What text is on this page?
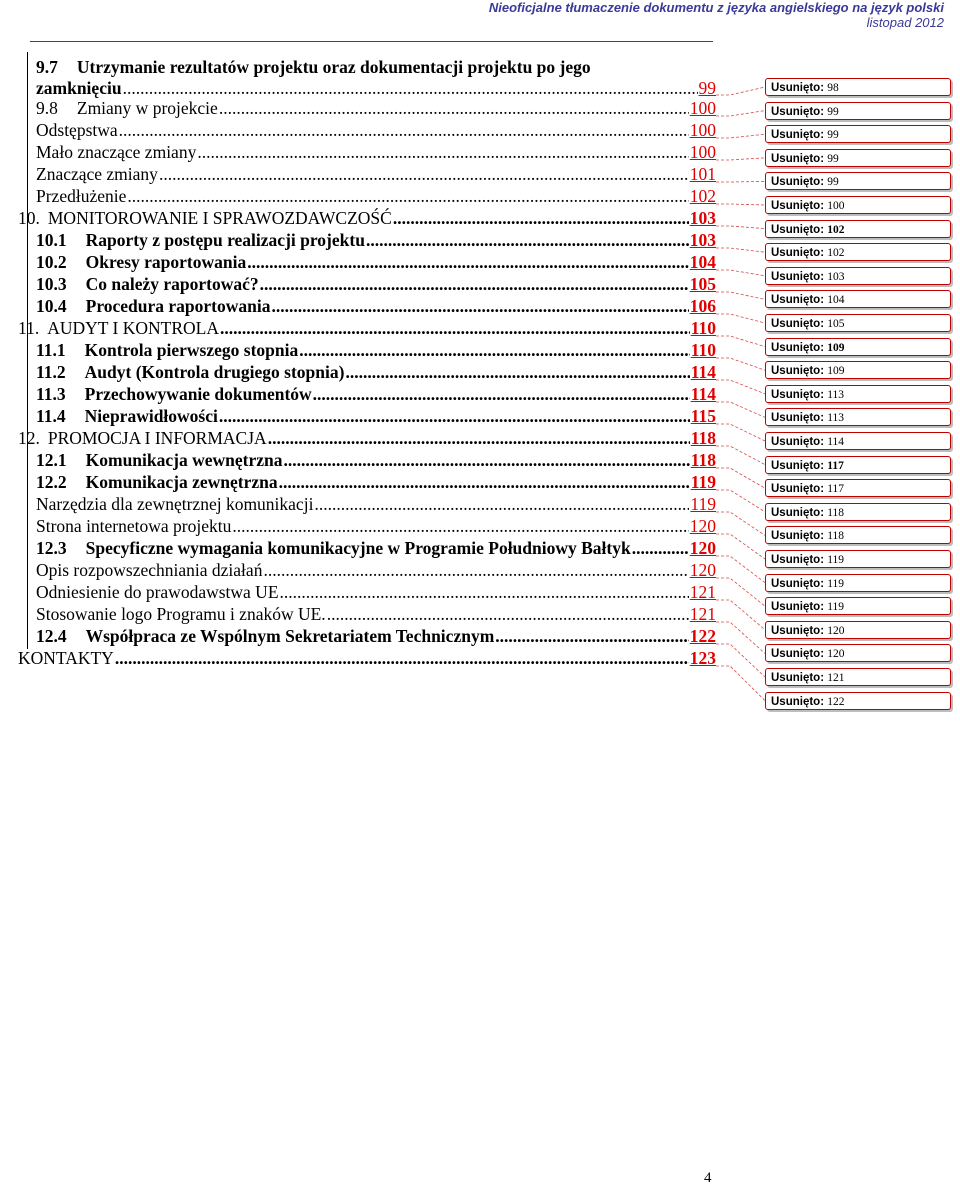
Nieoficjalne tłumaczenie dokumentu z języka angielskiego na język polski
listopad 2012
9.7 Utrzymanie rezultatów projektu oraz dokumentacji projektu po jego
zamknięciu .....	99
9.8 Zmiany w projekcie .....	100
Odstępstwa .....	100
Mało znaczące zmiany .....	100
Znaczące zmiany .....	101
Przedłużenie .....	102
10. MONITOROWANIE I SPRAWOZDAWCZOŚĆ .....	103
10.1 Raporty z postępu realizacji projektu .....	103
10.2 Okresy raportowania .....	104
10.3 Co należy raportować? .....	105
10.4 Procedura raportowania .....	106
11. AUDYT I KONTROLA .....	110
11.1 Kontrola pierwszego stopnia .....	110
11.2 Audyt (Kontrola drugiego stopnia) .....	114
11.3 Przechowywanie dokumentów .....	114
11.4 Nieprawidłowości .....	115
12. PROMOCJA I INFORMACJA .....	118
12.1 Komunikacja wewnętrzna .....	118
12.2 Komunikacja zewnętrzna .....	119
Narzędzia dla zewnętrznej komunikacji .....	119
Strona internetowa projektu .....	120
12.3 Specyficzne wymagania komunikacyjne w Programie Południowy Bałtyk .....	120
Opis rozpowszechniania działań .....	120
Odniesienie do prawodawstwa UE .....	121
Stosowanie logo Programu i znaków UE. .....	121
12.4 Współpraca ze Wspólnym Sekretariatem Technicznym .....	122
KONTAKTY .....	123
Usunięto: 98
Usunięto: 99
Usunięto: 99
Usunięto: 99
Usunięto: 99
Usunięto: 100
Usunięto: 102
Usunięto: 102
Usunięto: 103
Usunięto: 104
Usunięto: 105
Usunięto: 109
Usunięto: 109
Usunięto: 113
Usunięto: 113
Usunięto: 114
Usunięto: 117
Usunięto: 117
Usunięto: 118
Usunięto: 118
Usunięto: 119
Usunięto: 119
Usunięto: 119
Usunięto: 120
Usunięto: 120
Usunięto: 121
Usunięto: 122
4
